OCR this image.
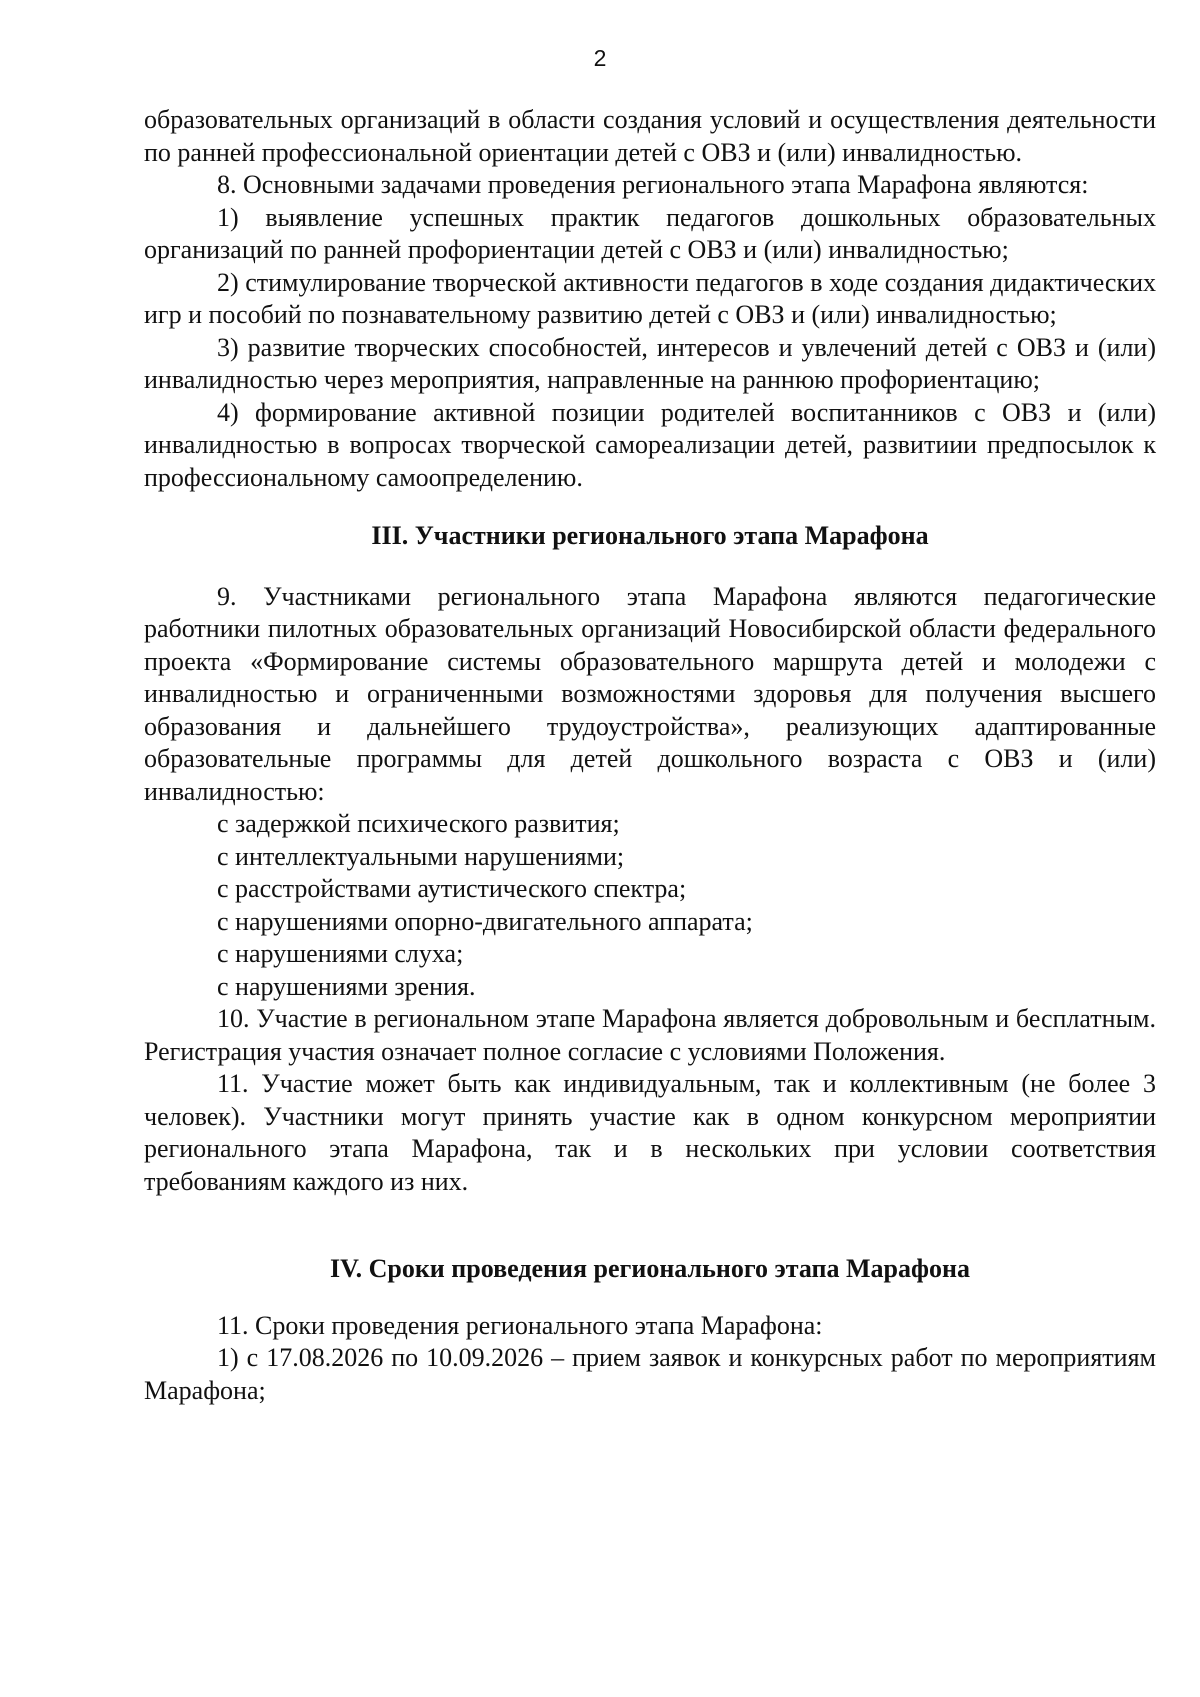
2

образовательных организаций в области создания условий и осуществления деятельности по ранней профессиональной ориентации детей с ОВЗ и (или) инвалидностью.

8. Основными задачами проведения регионального этапа Марафона являются:

1) выявление успешных практик педагогов дошкольных образовательных организаций по ранней профориентации детей с ОВЗ и (или) инвалидностью;

2) стимулирование творческой активности педагогов в ходе создания дидактических игр и пособий по познавательному развитию детей с ОВЗ и (или) инвалидностью;

3) развитие творческих способностей, интересов и увлечений детей с ОВЗ и (или) инвалидностью через мероприятия, направленные на раннюю профориентацию;

4) формирование активной позиции родителей воспитанников с ОВЗ и (или) инвалидностью в вопросах творческой самореализации детей, развитиии предпосылок к профессиональному самоопределению.

III. Участники регионального этапа Марафона

9. Участниками регионального этапа Марафона являются педагогические работники пилотных образовательных организаций Новосибирской области федерального проекта «Формирование системы образовательного маршрута детей и молодежи с инвалидностью и ограниченными возможностями здоровья для получения высшего образования и дальнейшего трудоустройства», реализующих адаптированные образовательные программы для детей дошкольного возраста с ОВЗ и (или) инвалидностью:

с задержкой психического развития;

с интеллектуальными нарушениями;

с расстройствами аутистического спектра;

с нарушениями опорно-двигательного аппарата;

с нарушениями слуха;

с нарушениями зрения.

10. Участие в региональном этапе Марафона является добровольным и бесплатным. Регистрация участия означает полное согласие с условиями Положения.

11. Участие может быть как индивидуальным, так и коллективным (не более 3 человек). Участники могут принять участие как в одном конкурсном мероприятии регионального этапа Марафона, так и в нескольких при условии соответствия требованиям каждого из них.

IV. Сроки проведения регионального этапа Марафона

11. Сроки проведения регионального этапа Марафона:

1) с 17.08.2026 по 10.09.2026 – прием заявок и конкурсных работ по мероприятиям Марафона;
